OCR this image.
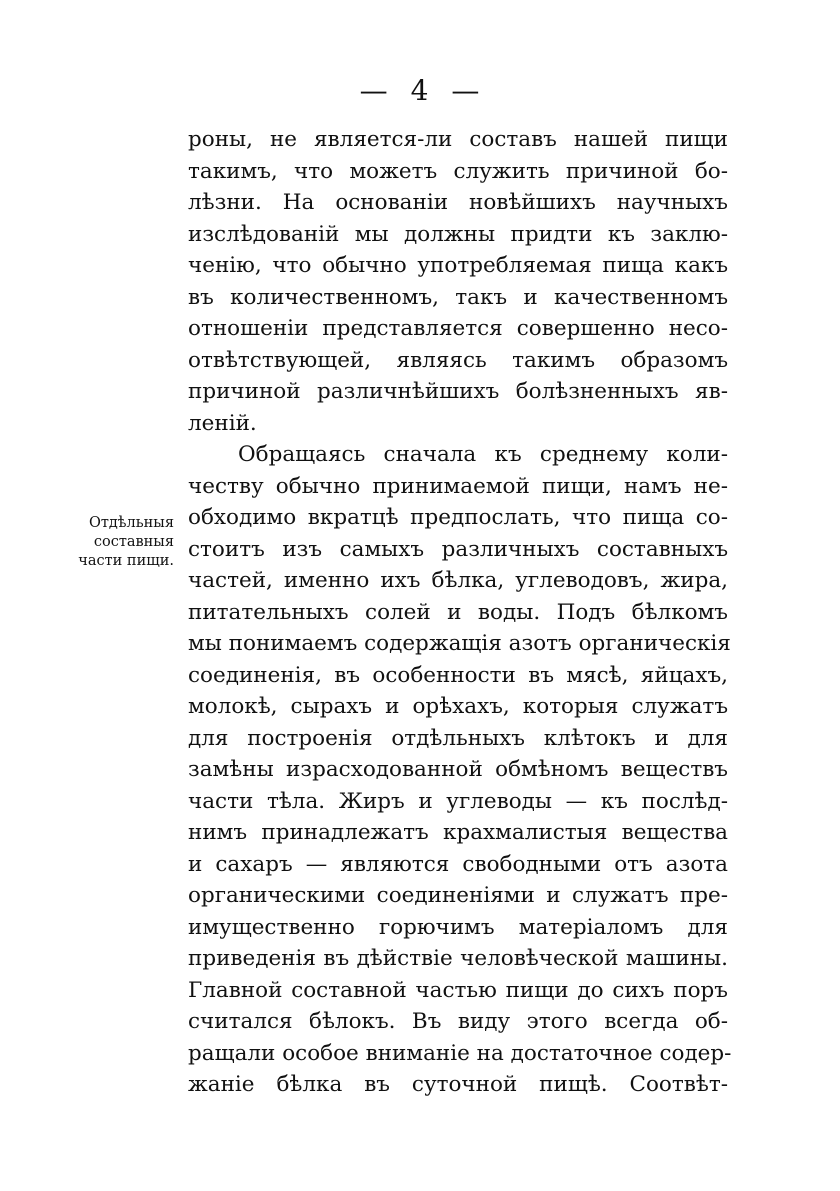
— 4 —
Отдѣльныя
составныя
части пищи.
роны, не является-ли составъ нашей пищи
такимъ, что можетъ служить причиной бо-
лѣзни. На основаніи новѣйшихъ научныхъ
изслѣдованій мы должны придти къ заклю-
ченію, что обычно употребляемая пища какъ
въ количественномъ, такъ и качественномъ
отношеніи представляется совершенно несо-
отвѣтствующей, являясь такимъ образомъ
причиной различнѣйшихъ болѣзненныхъ яв-
леній.
Обращаясь сначала къ среднему коли-
честву обычно принимаемой пищи, намъ не-
обходимо вкратцѣ предпослать, что пища со-
стоитъ изъ самыхъ различныхъ составныхъ
частей, именно ихъ бѣлка, углеводовъ, жира,
питательныхъ солей и воды. Подъ бѣлкомъ
мы понимаемъ содержащія азотъ органическія
соединенія, въ особенности въ мясѣ, яйцахъ,
молокѣ, сырахъ и орѣхахъ, которыя служатъ
для построенія отдѣльныхъ клѣтокъ и для
замѣны израсходованной обмѣномъ веществъ
части тѣла. Жиръ и углеводы — къ послѣд-
нимъ принадлежатъ крахмалистыя вещества
и сахаръ — являются свободными отъ азота
органическими соединеніями и служатъ пре-
имущественно горючимъ матеріаломъ для
приведенія въ дѣйствіе человѣческой машины.
Главной составной частью пищи до сихъ поръ
считался бѣлокъ. Въ виду этого всегда об-
ращали особое вниманіе на достаточное содер-
жаніе бѣлка въ суточной пищѣ. Соотвѣт-
